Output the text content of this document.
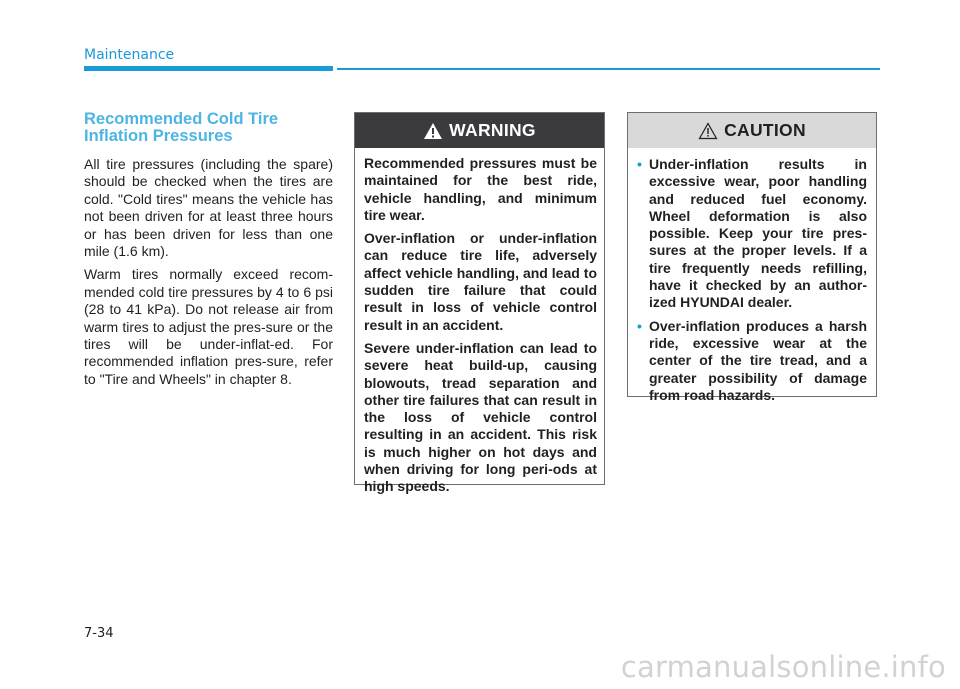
Maintenance
Recommended Cold Tire
Inflation Pressures

All tire pressures (including the spare) should be checked when the tires are cold. "Cold tires" means the vehicle has not been driven for at least three hours or has been driven for less than one mile (1.6 km).

Warm tires normally exceed recom-mended cold tire pressures by 4 to 6 psi (28 to 41 kPa). Do not release air from warm tires to adjust the pres-sure or the tires will be under-inflat-ed. For recommended inflation pres-sure, refer to "Tire and Wheels" in chapter 8.

WARNING

Recommended pressures must be maintained for the best ride, vehicle handling, and minimum tire wear.

Over-inflation or under-inflation can reduce tire life, adversely affect vehicle handling, and lead to sudden tire failure that could result in loss of vehicle control result in an accident.

Severe under-inflation can lead to severe heat build-up, causing blowouts, tread separation and other tire failures that can result in the loss of vehicle control resulting in an accident. This risk is much higher on hot days and when driving for long peri-ods at high speeds.

CAUTION
• Under-inflation results in excessive wear, poor handling and reduced fuel economy. Wheel deformation is also possible. Keep your tire pres-sures at the proper levels. If a tire frequently needs refilling, have it checked by an author-ized HYUNDAI dealer.
• Over-inflation produces a harsh ride, excessive wear at the center of the tire tread, and a greater possibility of damage from road hazards.
7-34
carmanualsonline.info
